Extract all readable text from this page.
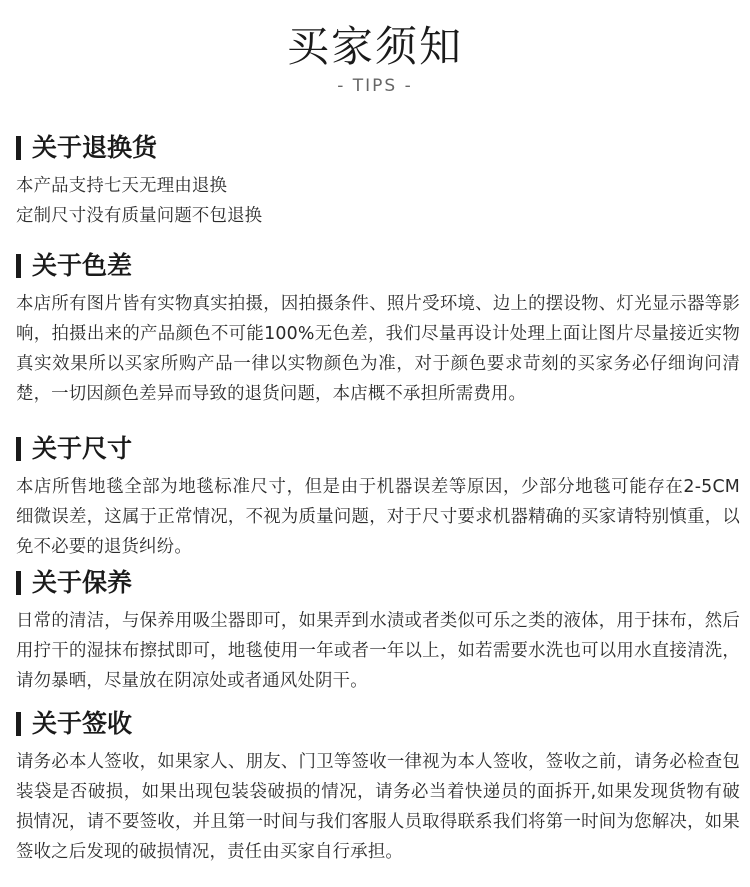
买家须知
- TIPS -
关于退换货
本产品支持七天无理由退换
定制尺寸没有质量问题不包退换
关于色差
本店所有图片皆有实物真实拍摄，因拍摄条件、照片受环境、边上的摆设物、灯光显示器等影响，拍摄出来的产品颜色不可能100%无色差，我们尽量再设计处理上面让图片尽量接近实物真实效果所以买家所购产品一律以实物颜色为准，对于颜色要求苛刻的买家务必仔细询问清楚，一切因颜色差异而导致的退货问题，本店概不承担所需费用。
关于尺寸
本店所售地毯全部为地毯标准尺寸，但是由于机器误差等原因，少部分地毯可能存在2-5CM细微误差，这属于正常情况，不视为质量问题，对于尺寸要求机器精确的买家请特别慎重，以免不必要的退货纠纷。
关于保养
日常的清洁，与保养用吸尘器即可，如果弄到水渍或者类似可乐之类的液体，用于抹布，然后用拧干的湿抹布擦拭即可，地毯使用一年或者一年以上，如若需要水洗也可以用水直接清洗，请勿暴晒，尽量放在阴凉处或者通风处阴干。
关于签收
请务必本人签收，如果家人、朋友、门卫等签收一律视为本人签收，签收之前，请务必检查包装袋是否破损，如果出现包装袋破损的情况，请务必当着快递员的面拆开,如果发现货物有破损情况，请不要签收，并且第一时间与我们客服人员取得联系我们将第一时间为您解决，如果签收之后发现的破损情况，责任由买家自行承担。
